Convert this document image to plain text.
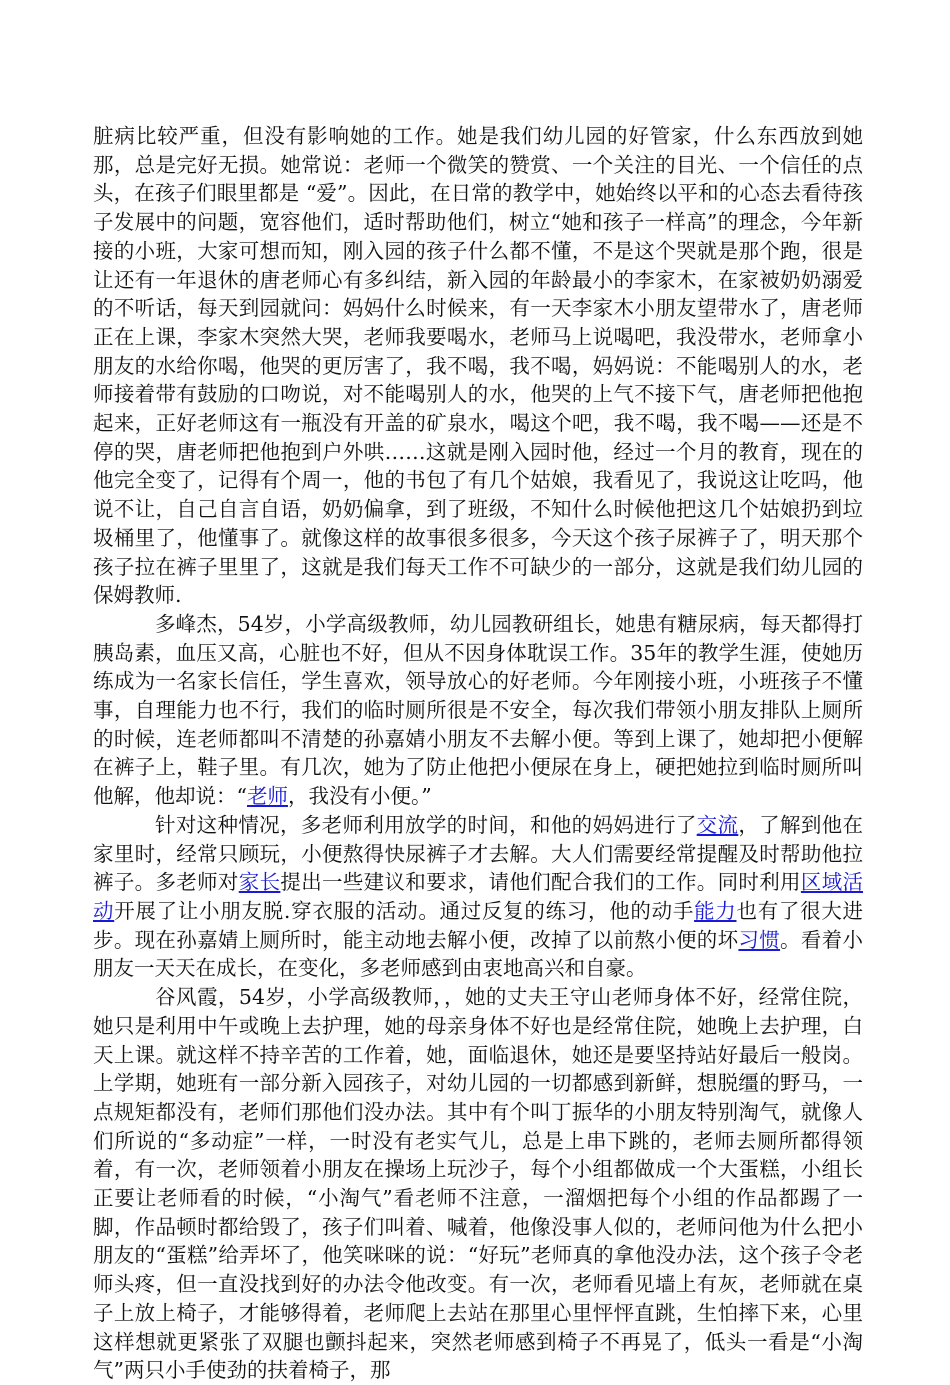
脏病比较严重，但没有影响她的工作。她是我们幼儿园的好管家，什么东西放到她那，总是完好无损。她常说：老师一个微笑的赞赏、一个关注的目光、一个信任的点头，在孩子们眼里都是 “爱”。因此，在日常的教学中，她始终以平和的心态去看待孩子发展中的问题，宽容他们，适时帮助他们，树立“她和孩子一样高”的理念，今年新接的小班，大家可想而知，刚入园的孩子什么都不懂，不是这个哭就是那个跑，很是让还有一年退休的唐老师心有多纠结，新入园的年龄最小的李家木，在家被奶奶溺爱的不听话，每天到园就问：妈妈什么时候来，有一天李家木小朋友望带水了，唐老师正在上课，李家木突然大哭，老师我要喝水，老师马上说喝吧，我没带水，老师拿小朋友的水给你喝，他哭的更厉害了，我不喝，我不喝，妈妈说：不能喝别人的水，老师接着带有鼓励的口吻说，对不能喝别人的水，他哭的上气不接下气，唐老师把他抱起来，正好老师这有一瓶没有开盖的矿泉水，喝这个吧，我不喝，我不喝——还是不停的哭，唐老师把他抱到户外哄……这就是刚入园时他，经过一个月的教育，现在的他完全变了，记得有个周一，他的书包了有几个姑娘，我看见了，我说这让吃吗，他说不让，自己自言自语，奶奶偏拿，到了班级，不知什么时候他把这几个姑娘扔到垃圾桶里了，他懂事了。就像这样的故事很多很多，今天这个孩子尿裤子了，明天那个孩子拉在裤子里里了，这就是我们每天工作不可缺少的一部分，这就是我们幼儿园的保姆教师.

多峰杰，54岁，小学高级教师，幼儿园教研组长，她患有糖尿病，每天都得打胰岛素，血压又高，心脏也不好，但从不因身体耽误工作。35年的教学生涯，使她历练成为一名家长信任，学生喜欢，领导放心的好老师。今年刚接小班，小班孩子不懂事，自理能力也不行，我们的临时厕所很是不安全，每次我们带领小朋友排队上厕所的时候，连老师都叫不清楚的孙嘉婧小朋友不去解小便。等到上课了，她却把小便解在裤子上，鞋子里。有几次，她为了防止他把小便尿在身上，硬把她拉到临时厕所叫他解，他却说：“老师，我没有小便。”

针对这种情况，多老师利用放学的时间，和他的妈妈进行了交流，了解到他在家里时，经常只顾玩，小便熬得快尿裤子才去解。大人们需要经常提醒及时帮助他拉裤子。多老师对家长提出一些建议和要求，请他们配合我们的工作。同时利用区域活动开展了让小朋友脱.穿衣服的活动。通过反复的练习，他的动手能力也有了很大进步。现在孙嘉婧上厕所时，能主动地去解小便，改掉了以前熬小便的坏习惯。看着小朋友一天天在成长，在变化，多老师感到由衷地高兴和自豪。

谷风霞，54岁，小学高级教师，，她的丈夫王守山老师身体不好，经常住院，她只是利用中午或晚上去护理，她的母亲身体不好也是经常住院，她晚上去护理，白天上课。就这样不持辛苦的工作着，她，面临退休，她还是要坚持站好最后一般岗。上学期，她班有一部分新入园孩子，对幼儿园的一切都感到新鲜，想脱缰的野马，一点规矩都没有，老师们那他们没办法。其中有个叫丁振华的小朋友特别淘气，就像人们所说的“多动症”一样，一时没有老实气儿，总是上串下跳的，老师去厕所都得领着，有一次，老师领着小朋友在操场上玩沙子，每个小组都做成一个大蛋糕，小组长正要让老师看的时候，“小淘气”看老师不注意，一溜烟把每个小组的作品都踢了一脚，作品顿时都给毁了，孩子们叫着、喊着，他像没事人似的，老师问他为什么把小朋友的“蛋糕”给弄坏了，他笑咪咪的说：“好玩”老师真的拿他没办法，这个孩子令老师头疼，但一直没找到好的办法令他改变。有一次，老师看见墙上有灰，老师就在桌子上放上椅子，才能够得着，老师爬上去站在那里心里怦怦直跳，生怕摔下来，心里这样想就更紧张了双腿也颤抖起来，突然老师感到椅子不再晃了，低头一看是“小淘气”两只小手使劲的扶着椅子，那
